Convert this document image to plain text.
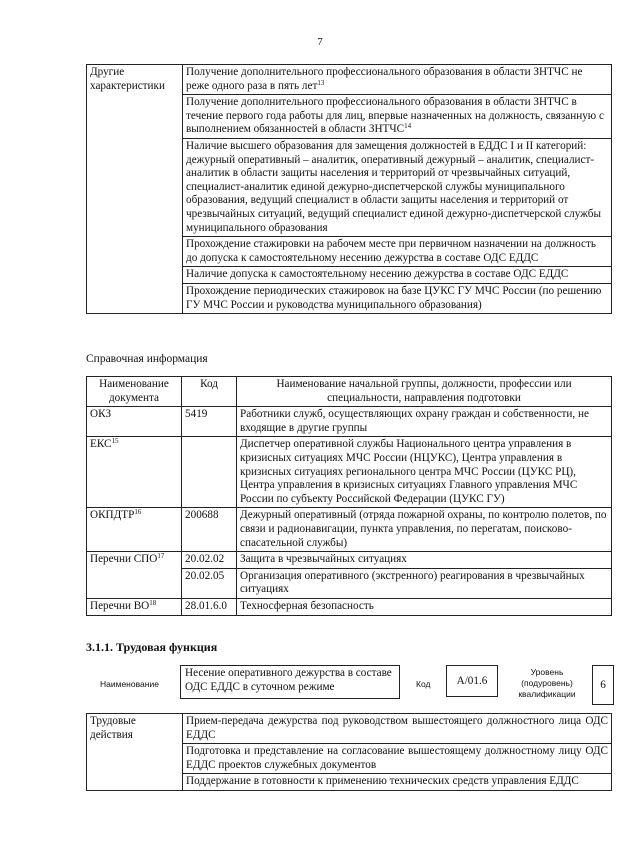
7
Другие характеристики	Получение дополнительного профессионального образования в области ЗНТЧС не реже одного раза в пять лет$^{13}$
Получение дополнительного профессионального образования в области ЗНТЧС в течение первого года работы для лиц, впервые назначенных на должность, связанную с выполнением обязанностей в области ЗНТЧС$^{14}$
Наличие высшего образования для замещения должностей в ЕДДС I и II категорий: дежурный оперативный – аналитик, оперативный дежурный – аналитик, специалист-аналитик в области защиты населения и территорий от чрезвычайных ситуаций, специалист-аналитик единой дежурно-диспетчерской службы муниципального образования, ведущий специалист в области защиты населения и территорий от чрезвычайных ситуаций, ведущий специалист единой дежурно-диспетчерской службы муниципального образования
Прохождение стажировки на рабочем месте при первичном назначении на должность до допуска к самостоятельному несению дежурства в составе ОДС ЕДДС
Наличие допуска к самостоятельному несению дежурства в составе ОДС ЕДДС
Прохождение периодических стажировок на базе ЦУКС ГУ МЧС России (по решению ГУ МЧС России и руководства муниципального образования)
Справочная информация
Наименование документа	Код	Наименование начальной группы, должности, профессии или специальности, направления подготовки
ОКЗ	5419	Работники служб, осуществляющих охрану граждан и собственности, не входящие в другие группы
ЕКС$^{15}$		Диспетчер оперативной службы Национального центра управления в кризисных ситуациях МЧС России (НЦУКС), Центра управления в кризисных ситуациях регионального центра МЧС России (ЦУКС РЦ), Центра управления в кризисных ситуациях Главного управления МЧС России по субъекту Российской Федерации (ЦУКС ГУ)
ОКПДТР$^{16}$	200688	Дежурный оперативный (отряда пожарной охраны, по контролю полетов, по связи и радионавигации, пункта управления, по перегатам, поисково-спасательной службы)
Перечни СПО$^{17}$	20.02.02	Защита в чрезвычайных ситуациях
	20.02.05	Организация оперативного (экстренного) реагирования в чрезвычайных ситуациях
Перечни ВО$^{18}$	28.01.6.0	Техносферная безопасность
3.1.1. Трудовая функция
Наименование
Несение оперативного дежурства в составе ОДС ЕДДС в суточном режиме	Код	А/01.6
Уровень (подуровень) квалификации
6
Трудовые действия	Прием-передача дежурства под руководством вышестоящего должностного лица ОДС ЕДДС
Подготовка и представление на согласование вышестоящему должностному лицу ОДС ЕДДС проектов служебных документов
Поддержание в готовности к применению технических средств управления ЕДДС
